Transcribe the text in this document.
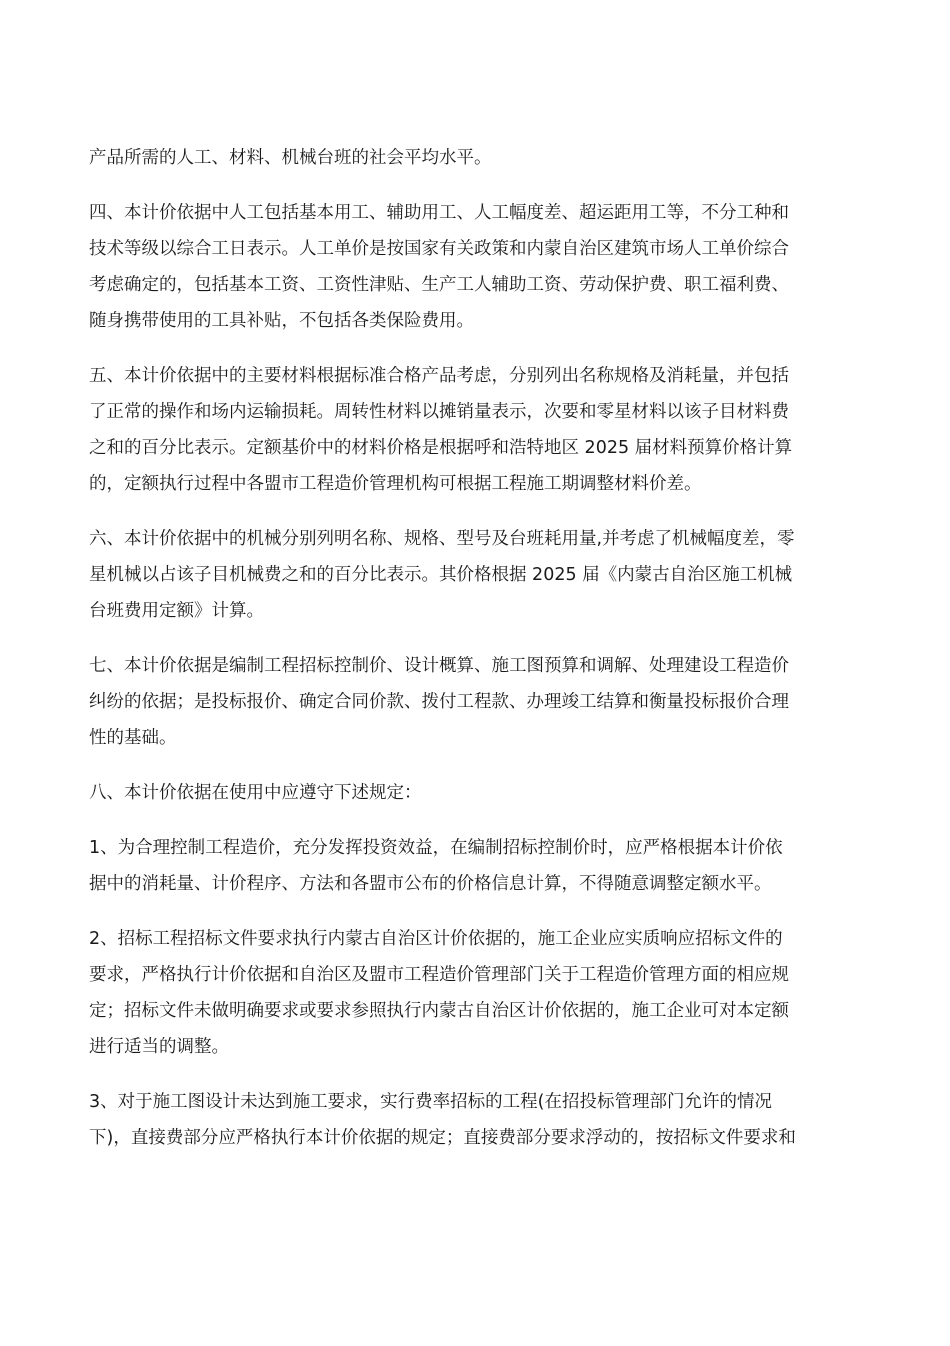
产品所需的人工、材料、机械台班的社会平均水平。

四、本计价依据中人工包括基本用工、辅助用工、人工幅度差、超运距用工等，不分工种和
技术等级以综合工日表示。人工单价是按国家有关政策和内蒙自治区建筑市场人工单价综合
考虑确定的，包括基本工资、工资性津贴、生产工人辅助工资、劳动保护费、职工福利费、
随身携带使用的工具补贴，不包括各类保险费用。

五、本计价依据中的主要材料根据标准合格产品考虑，分别列出名称规格及消耗量，并包括
了正常的操作和场内运输损耗。周转性材料以摊销量表示，次要和零星材料以该子目材料费
之和的百分比表示。定额基价中的材料价格是根据呼和浩特地区 2025 届材料预算价格计算
的，定额执行过程中各盟市工程造价管理机构可根据工程施工期调整材料价差。

六、本计价依据中的机械分别列明名称、规格、型号及台班耗用量,并考虑了机械幅度差，零
星机械以占该子目机械费之和的百分比表示。其价格根据 2025 届《内蒙古自治区施工机械
台班费用定额》计算。

七、本计价依据是编制工程招标控制价、设计概算、施工图预算和调解、处理建设工程造价
纠纷的依据；是投标报价、确定合同价款、拨付工程款、办理竣工结算和衡量投标报价合理
性的基础。

八、本计价依据在使用中应遵守下述规定：

1、为合理控制工程造价，充分发挥投资效益，在编制招标控制价时，应严格根据本计价依
据中的消耗量、计价程序、方法和各盟市公布的价格信息计算，不得随意调整定额水平。

2、招标工程招标文件要求执行内蒙古自治区计价依据的，施工企业应实质响应招标文件的
要求，严格执行计价依据和自治区及盟市工程造价管理部门关于工程造价管理方面的相应规
定；招标文件未做明确要求或要求参照执行内蒙古自治区计价依据的，施工企业可对本定额
进行适当的调整。

3、对于施工图设计未达到施工要求，实行费率招标的工程(在招投标管理部门允许的情况
下)，直接费部分应严格执行本计价依据的规定；直接费部分要求浮动的，按招标文件要求和
